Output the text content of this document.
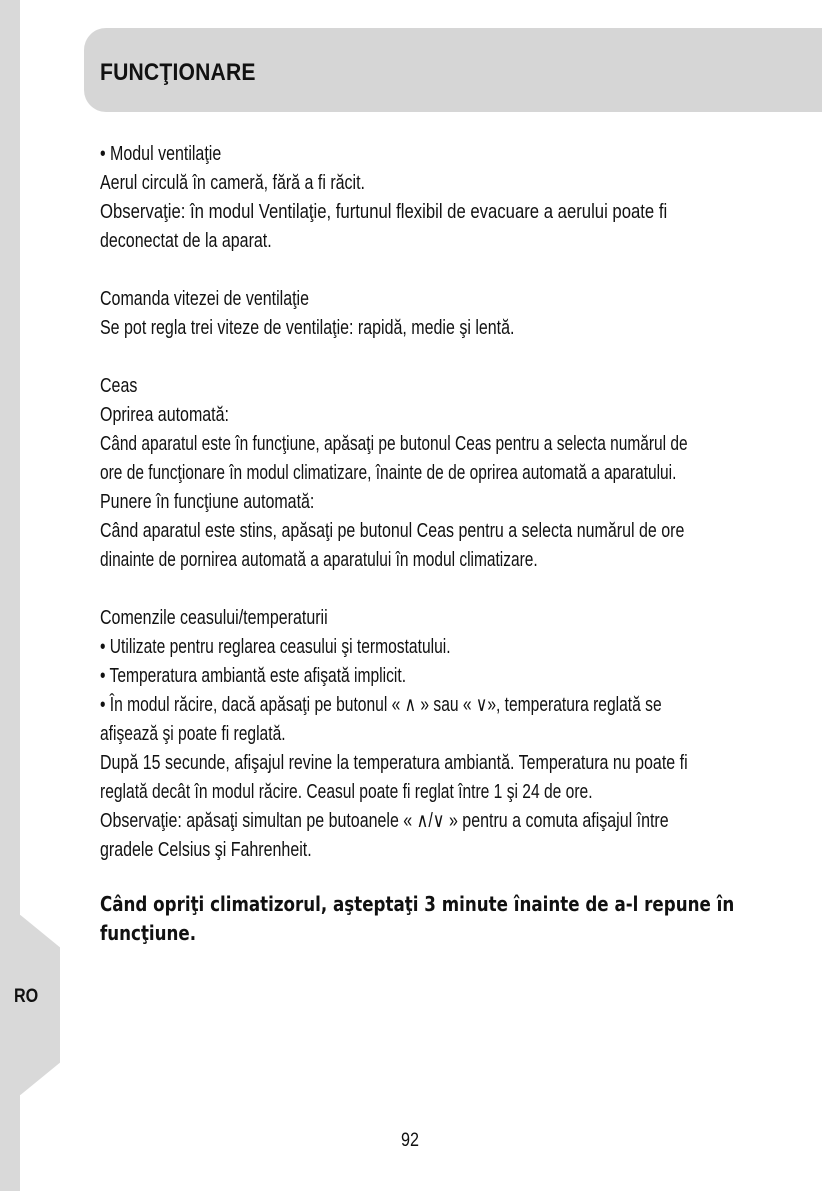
RO
FUNCŢIONARE
• Modul ventilaţie
Aerul circulă în cameră, fără a fi răcit.
Observaţie: în modul Ventilaţie, furtunul flexibil de evacuare a aerului poate fi
deconectat de la aparat.
Comanda vitezei de ventilaţie
Se pot regla trei viteze de ventilaţie: rapidă, medie şi lentă.
Ceas
Oprirea automată:
Când aparatul este în funcţiune, apăsaţi pe butonul Ceas pentru a selecta numărul de
ore de funcţionare în modul climatizare, înainte de de oprirea automată a aparatului.
Punere în funcţiune automată:
Când aparatul este stins, apăsaţi pe butonul Ceas pentru a selecta numărul de ore
dinainte de pornirea automată a aparatului în modul climatizare.
Comenzile ceasului/temperaturii
• Utilizate pentru reglarea ceasului şi termostatului.
• Temperatura ambiantă este afişată implicit.
• În modul răcire, dacă apăsaţi pe butonul « ∧ » sau « ∨», temperatura reglată se
afişează şi poate fi reglată.
După 15 secunde, afişajul revine la temperatura ambiantă. Temperatura nu poate fi
reglată decât în modul răcire. Ceasul poate fi reglat între 1 şi 24 de ore.
Observaţie: apăsaţi simultan pe butoanele « ∧/∨ » pentru a comuta afişajul între
gradele Celsius şi Fahrenheit.
Când opriţi climatizorul, aşteptaţi 3 minute înainte de a-l repune în
funcţiune.
92
